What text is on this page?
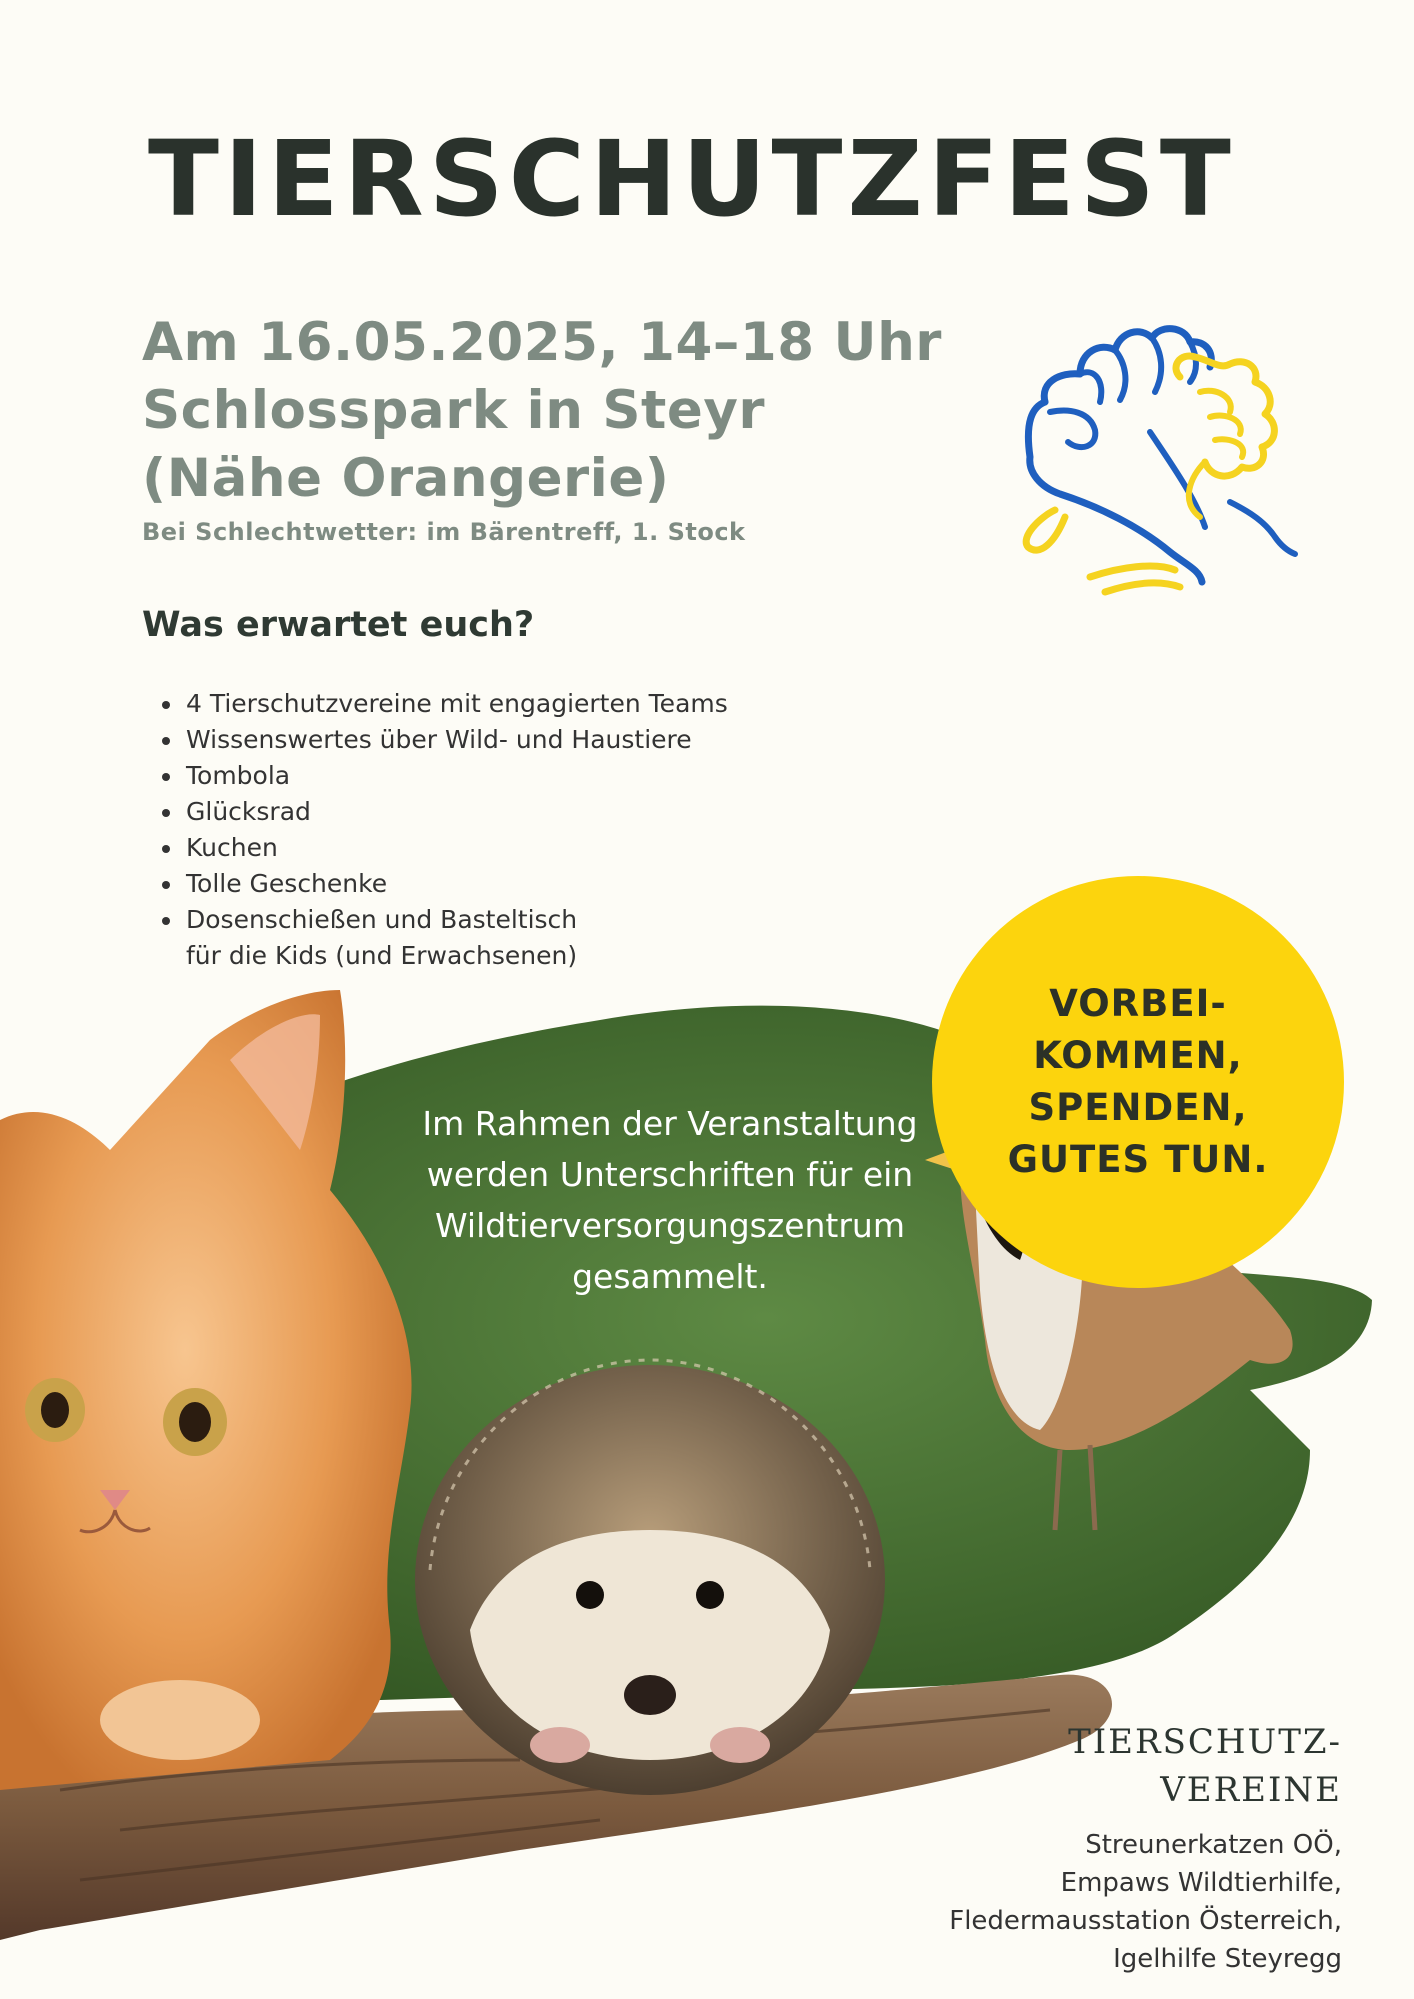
TIERSCHUTZFEST
Am 16.05.2025, 14–18 Uhr
Schlosspark in Steyr
(Nähe Orangerie)
Bei Schlechtwetter: im Bärentreff, 1. Stock
Was erwartet euch?
4 Tierschutzvereine mit engagierten Teams
Wissenswertes über Wild- und Haustiere
Tombola
Glücksrad
Kuchen
Tolle Geschenke
Dosenschießen und Basteltisch
für die Kids (und Erwachsenen)
Im Rahmen der Veranstaltung werden Unterschriften für ein Wildtierversorgungszentrum gesammelt.
VORBEI-
KOMMEN,
SPENDEN,
GUTES TUN.
TIERSCHUTZ-
VEREINE
Streunerkatzen OÖ,
Empaws Wildtierhilfe,
Fledermausstation Österreich,
Igelhilfe Steyregg
